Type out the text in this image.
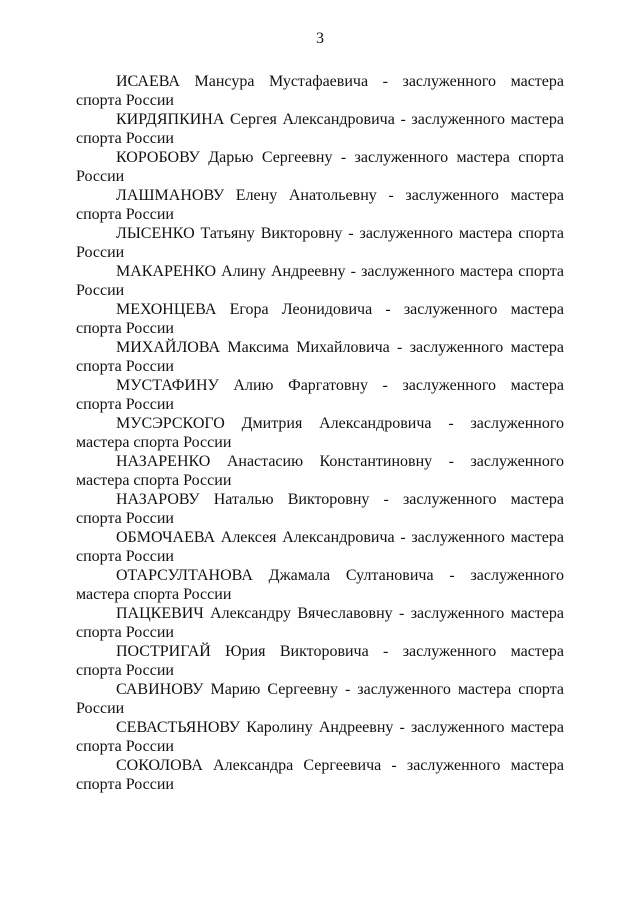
3

ИСАЕВА Мансура Мустафаевича - заслуженного мастера
спорта России

КИРДЯПКИНА Сергея Александровича - заслуженного мастера
спорта России

КОРОБОВУ Дарью Сергеевну - заслуженного мастера спорта
России

ЛАШМАНОВУ Елену Анатольевну - заслуженного мастера
спорта России

ЛЫСЕНКО Татьяну Викторовну - заслуженного мастера спорта
России

МАКАРЕНКО Алину Андреевну - заслуженного мастера спорта
России

МЕХОНЦЕВА Егора Леонидовича - заслуженного мастера
спорта России

МИХАЙЛОВА Максима Михайловича - заслуженного мастера
спорта России

МУСТАФИНУ Алию Фаргатовну - заслуженного мастера
спорта России

МУСЭРСКОГО Дмитрия Александровича - заслуженного
мастера спорта России

НАЗАРЕНКО Анастасию Константиновну - заслуженного
мастера спорта России

НАЗАРОВУ Наталью Викторовну - заслуженного мастера
спорта России

ОБМОЧАЕВА Алексея Александровича - заслуженного мастера
спорта России

ОТАРСУЛТАНОВА Джамала Султановича - заслуженного
мастера спорта России

ПАЦКЕВИЧ Александру Вячеславовну - заслуженного мастера
спорта России

ПОСТРИГАЙ Юрия Викторовича - заслуженного мастера
спорта России

САВИНОВУ Марию Сергеевну - заслуженного мастера спорта
России

СЕВАСТЬЯНОВУ Каролину Андреевну - заслуженного мастера
спорта России

СОКОЛОВА Александра Сергеевича - заслуженного мастера
спорта России
